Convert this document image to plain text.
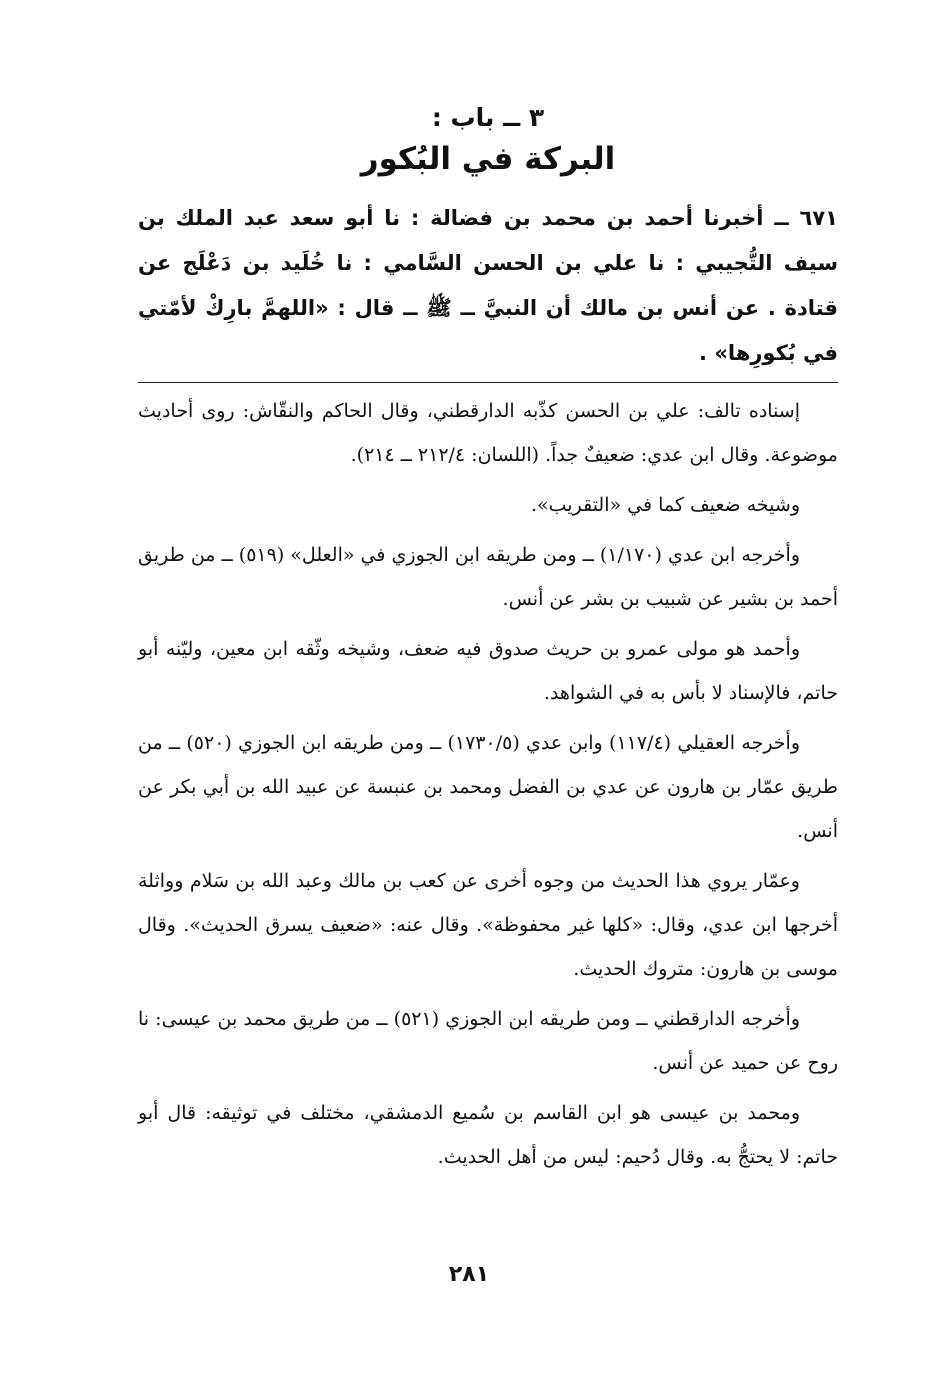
٣ ــ باب :
البركة في البُكور

٦٧١ ــ أخبرنا أحمد بن محمد بن فضالة : نا أبو سعد عبد الملك بن سيف التُّجيبي : نا علي بن الحسن السَّامي : نا خُلَيد بن دَعْلَج عن قتادة . عن أنس بن مالك أن النبيَّ ــ ﷺ ــ قال : «اللهمَّ بارِكْ لأمّتي في بُكورِها» .

إسناده تالف: علي بن الحسن كذّبه الدارقطني، وقال الحاكم والنقّاش: روى أحاديث موضوعة. وقال ابن عدي: ضعيفٌ جداً. (اللسان: ٢١٢/٤ ــ ٢١٤).

وشيخه ضعيف كما في «التقريب».

وأخرجه ابن عدي (١/١٧٠) ــ ومن طريقه ابن الجوزي في «العلل» (٥١٩) ــ من طريق أحمد بن بشير عن شبيب بن بشر عن أنس.

وأحمد هو مولى عمرو بن حريث صدوق فيه ضعف، وشيخه وثّقه ابن معين، وليّنه أبو حاتم، فالإسناد لا بأس به في الشواهد.

وأخرجه العقيلي (١١٧/٤) وابن عدي (١٧٣٠/٥) ــ ومن طريقه ابن الجوزي (٥٢٠) ــ من طريق عمّار بن هارون عن عدي بن الفضل ومحمد بن عنبسة عن عبيد الله بن أبي بكر عن أنس.

وعمّار يروي هذا الحديث من وجوه أخرى عن كعب بن مالك وعبد الله بن سَلام وواثلة أخرجها ابن عدي، وقال: «كلها غير محفوظة». وقال عنه: «ضعيف يسرق الحديث». وقال موسى بن هارون: متروك الحديث.

وأخرجه الدارقطني ــ ومن طريقه ابن الجوزي (٥٢١) ــ من طريق محمد بن عيسى: نا روح عن حميد عن أنس.

ومحمد بن عيسى هو ابن القاسم بن سُميع الدمشقي، مختلف في توثيقه: قال أبو حاتم: لا يحتجُّ به. وقال دُحيم: ليس من أهل الحديث.

٢٨١
